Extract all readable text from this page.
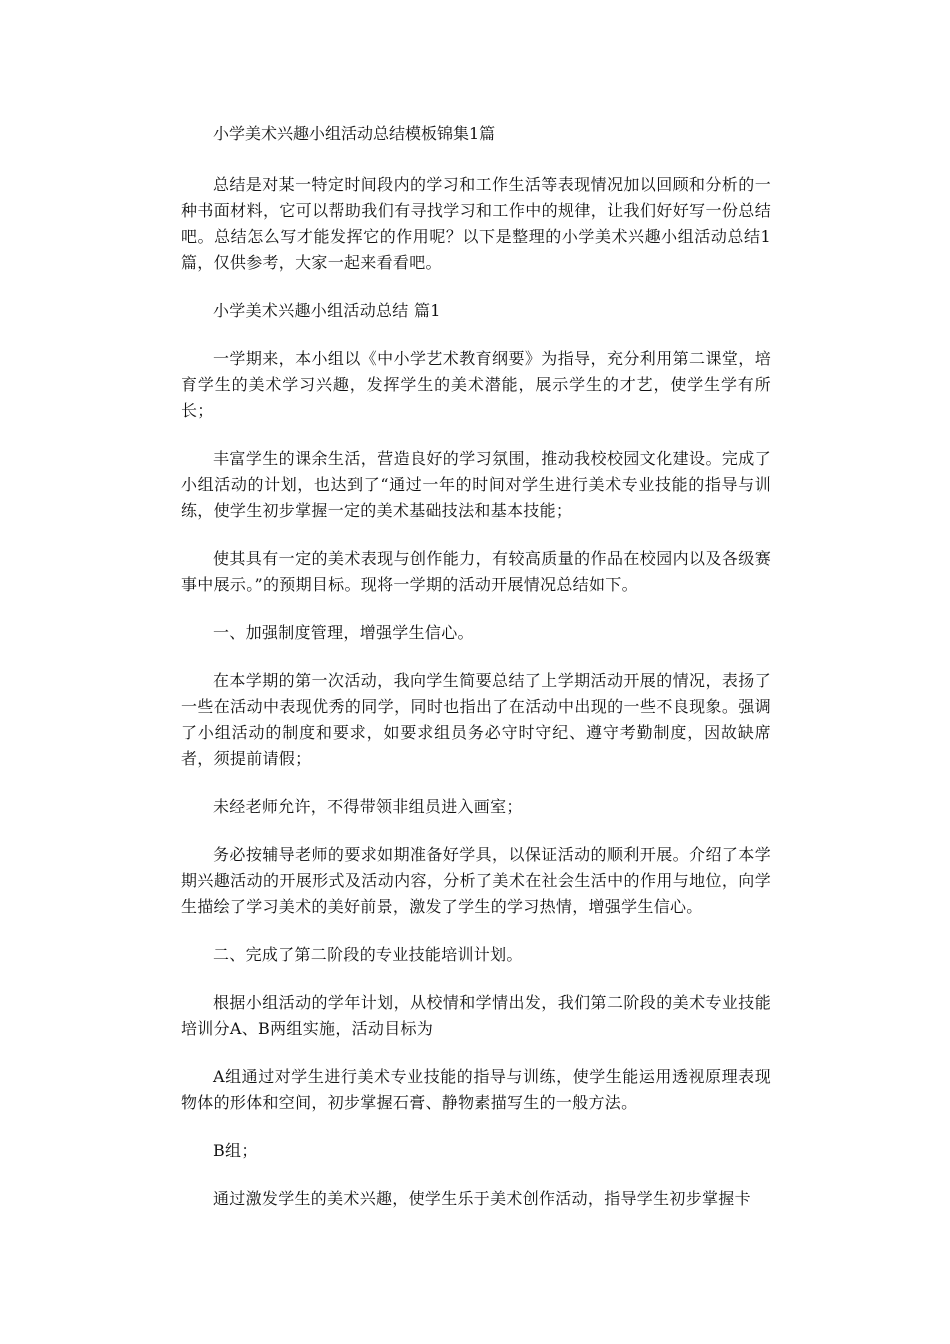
小学美术兴趣小组活动总结模板锦集1篇

总结是对某一特定时间段内的学习和工作生活等表现情况加以回顾和分析的一种书面材料，它可以帮助我们有寻找学习和工作中的规律，让我们好好写一份总结吧。总结怎么写才能发挥它的作用呢？以下是整理的小学美术兴趣小组活动总结1篇，仅供参考，大家一起来看看吧。

小学美术兴趣小组活动总结 篇1

一学期来，本小组以《中小学艺术教育纲要》为指导，充分利用第二课堂，培育学生的美术学习兴趣，发挥学生的美术潜能，展示学生的才艺，使学生学有所长；

丰富学生的课余生活，营造良好的学习氛围，推动我校校园文化建设。完成了小组活动的计划，也达到了“通过一年的时间对学生进行美术专业技能的指导与训练，使学生初步掌握一定的美术基础技法和基本技能；

使其具有一定的美术表现与创作能力，有较高质量的作品在校园内以及各级赛事中展示。”的预期目标。现将一学期的活动开展情况总结如下。

一、加强制度管理，增强学生信心。

在本学期的第一次活动，我向学生简要总结了上学期活动开展的情况，表扬了一些在活动中表现优秀的同学，同时也指出了在活动中出现的一些不良现象。强调了小组活动的制度和要求，如要求组员务必守时守纪、遵守考勤制度，因故缺席者，须提前请假；

未经老师允许，不得带领非组员进入画室；

务必按辅导老师的要求如期准备好学具，以保证活动的顺利开展。介绍了本学期兴趣活动的开展形式及活动内容，分析了美术在社会生活中的作用与地位，向学生描绘了学习美术的美好前景，激发了学生的学习热情，增强学生信心。

二、完成了第二阶段的专业技能培训计划。

根据小组活动的学年计划，从校情和学情出发，我们第二阶段的美术专业技能培训分A、B两组实施，活动目标为

A组通过对学生进行美术专业技能的指导与训练，使学生能运用透视原理表现物体的形体和空间，初步掌握石膏、静物素描写生的一般方法。

B组；

通过激发学生的美术兴趣，使学生乐于美术创作活动，指导学生初步掌握卡
